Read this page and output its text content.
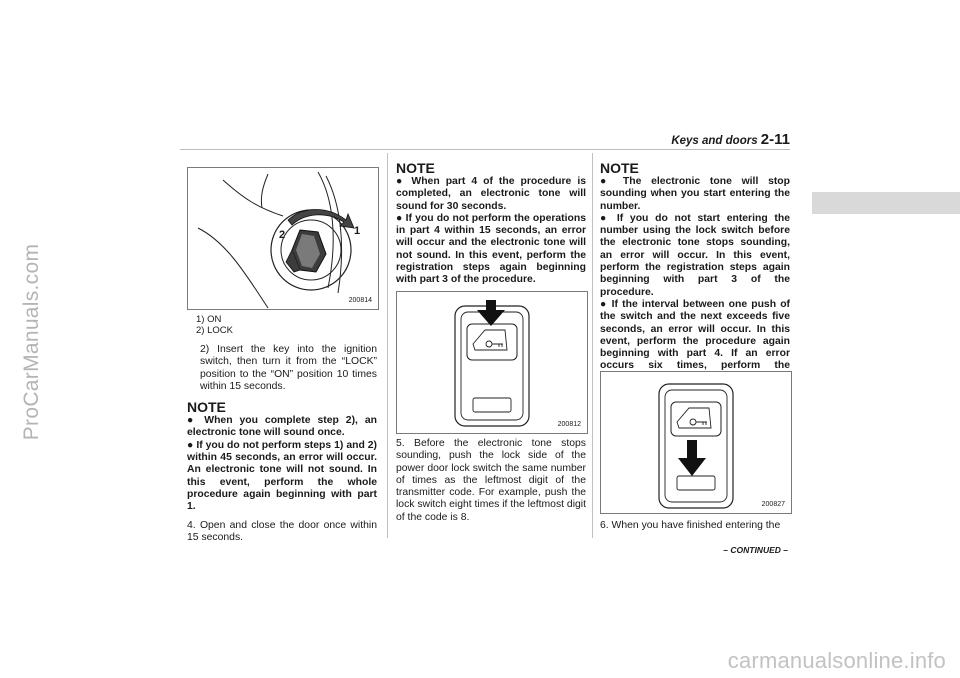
ProCarManuals.com
carmanualsonline.info
Keys and doors 2-11
2	1
200814
1) ON
2) LOCK

2) Insert the key into the ignition switch, then turn it from the “LOCK” position to the “ON” position 10 times within 15 seconds.

NOTE
● When you complete step 2), an electronic tone will sound once.
● If you do not perform steps 1) and 2) within 45 seconds, an error will occur. An electronic tone will not sound. In this event, perform the whole procedure again beginning with part 1.

4. Open and close the door once within 15 seconds.

NOTE
● When part 4 of the procedure is completed, an electronic tone will sound for 30 seconds.
● If you do not perform the operations in part 4 within 15 seconds, an error will occur and the electronic tone will not sound. In this event, perform the registration steps again beginning with part 3 of the procedure.
200812
5. Before the electronic tone stops sounding, push the lock side of the power door lock switch the same number of times as the leftmost digit of the transmitter code. For example, push the lock switch eight times if the leftmost digit of the code is 8.
NOTE
● The electronic tone will stop sounding when you start entering the number.
● If you do not start entering the number using the lock switch before the electronic tone stops sounding, an error will occur. In this event, perform the registration steps again beginning with part 3 of the procedure.
● If the interval between one push of the switch and the next exceeds five seconds, an error will occur. In this event, perform the procedure again beginning with part 4. If an error occurs six times, perform the
200827
6. When you have finished entering the
– CONTINUED –
